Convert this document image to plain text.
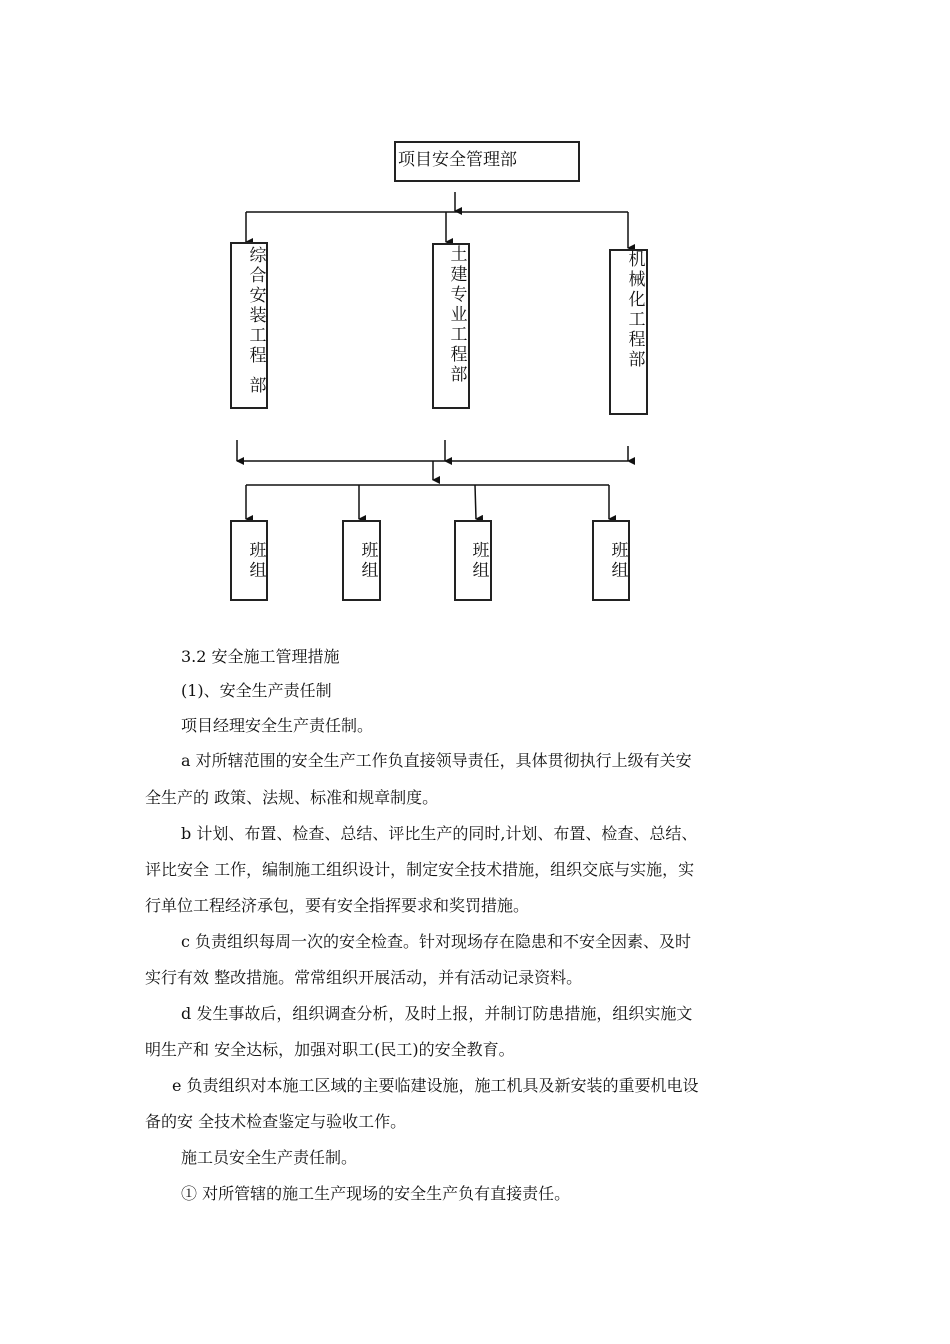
项目安全管理部
综
合
安
装
工
程
部
土
建
专
业
工
程
部
机
械
化
工
程
部
班
组
班
组
班
组
班
组
3.2 安全施工管理措施
(1)、安全生产责任制
项目经理安全生产责任制。
a 对所辖范围的安全生产工作负直接领导责任，具体贯彻执行上级有关安
全生产的 政策、法规、标准和规章制度。
b 计划、布置、检查、总结、评比生产的同时,计划、布置、检查、总结、
评比安全 工作，编制施工组织设计，制定安全技术措施，组织交底与实施，实
行单位工程经济承包，要有安全指挥要求和奖罚措施。
c 负责组织每周一次的安全检查。针对现场存在隐患和不安全因素、及时
实行有效 整改措施。常常组织开展活动，并有活动记录资料。
d 发生事故后，组织调查分析，及时上报，并制订防患措施，组织实施文
明生产和 安全达标，加强对职工(民工)的安全教育。
e 负责组织对本施工区域的主要临建设施，施工机具及新安装的重要机电设
备的安 全技术检查鉴定与验收工作。
施工员安全生产责任制。
① 对所管辖的施工生产现场的安全生产负有直接责任。
